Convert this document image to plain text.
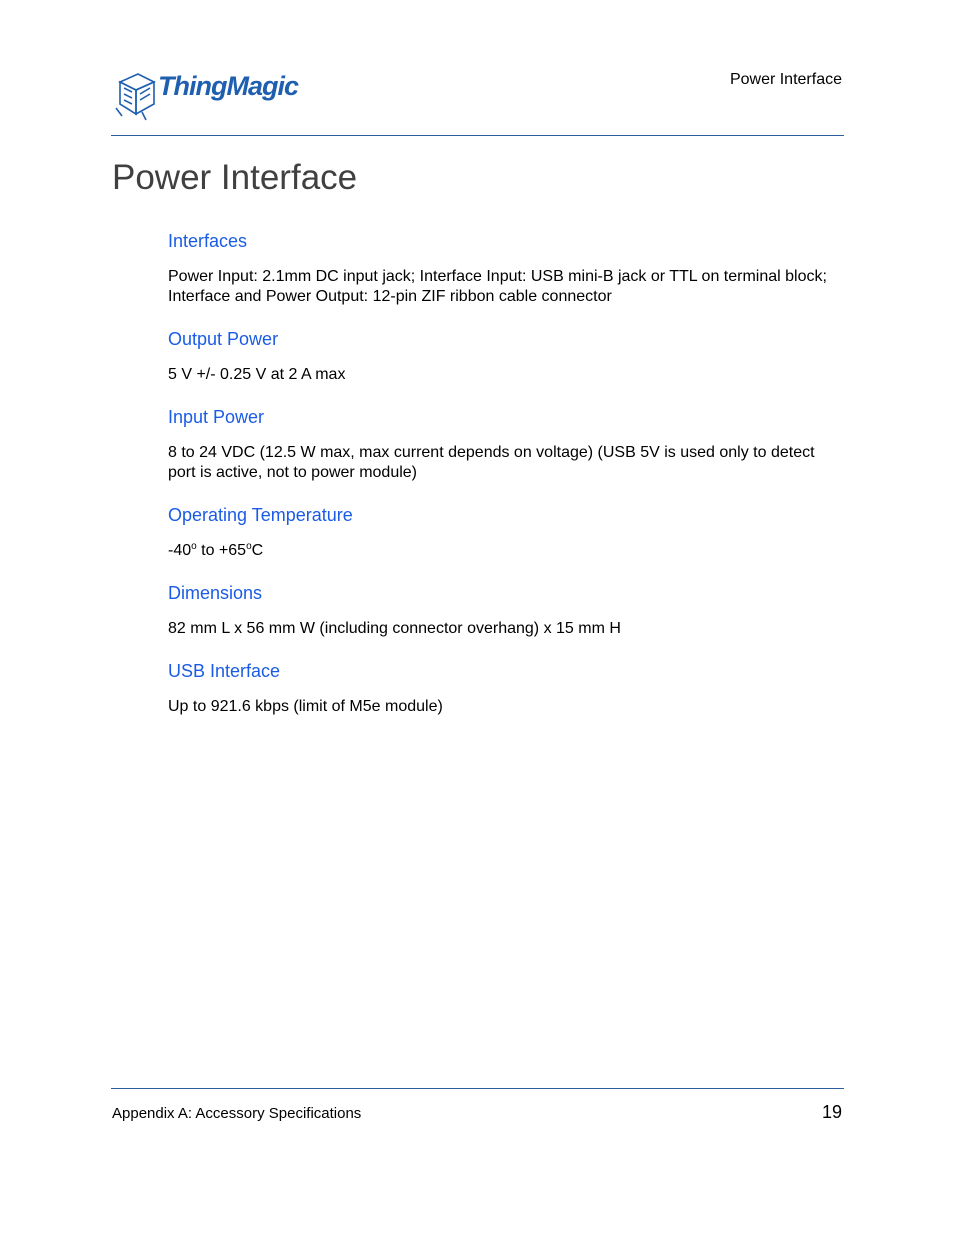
ThingMagic	Power Interface
Power Interface
Interfaces

Power Input: 2.1mm DC input jack; Interface Input: USB mini-B jack or TTL on terminal block; Interface and Power Output: 12-pin ZIF ribbon cable connector

Output Power

5 V +/- 0.25 V at 2 A max

Input Power

8 to 24 VDC (12.5 W max, max current depends on voltage) (USB 5V is used only to detect port is active, not to power module)

Operating Temperature

-40$^o$ to $+65^oC$

Dimensions

82 mm L x 56 mm W (including connector overhang) x 15 mm H

USB Interface

Up to 921.6 kbps (limit of M5e module)

Appendix A: Accessory Specifications	19
